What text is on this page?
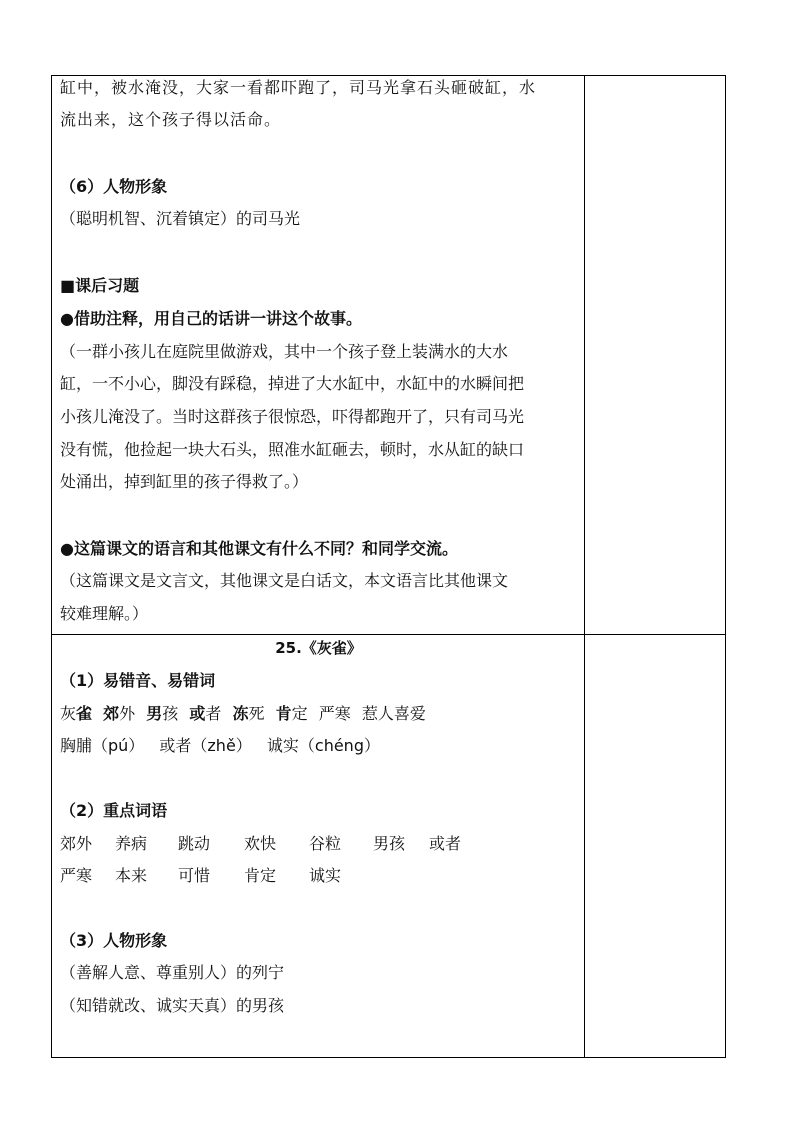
缸中，被水淹没，大家一看都吓跑了，司马光拿石头砸破缸，水
流出来，这个孩子得以活命。
（6）人物形象
（聪明机智、沉着镇定）的司马光
■课后习题
●借助注释，用自己的话讲一讲这个故事。
（一群小孩儿在庭院里做游戏，其中一个孩子登上装满水的大水
缸，一不小心，脚没有踩稳，掉进了大水缸中，水缸中的水瞬间把
小孩儿淹没了。当时这群孩子很惊恐，吓得都跑开了，只有司马光
没有慌，他捡起一块大石头，照准水缸砸去，顿时，水从缸的缺口
处涌出，掉到缸里的孩子得救了。）
●这篇课文的语言和其他课文有什么不同？和同学交流。
（这篇课文是文言文，其他课文是白话文，本文语言比其他课文
较难理解。）
25.《灰雀》
（1）易错音、易错词
灰雀 郊外 男孩 或者 冻死 肯定 严寒 惹人喜爱
胸脯（pú） 或者（zhě） 诚实（chéng）
（2）重点词语
郊外 养病 跳动 欢快 谷粒 男孩 或者
严寒 本来 可惜 肯定 诚实
（3）人物形象
（善解人意、尊重别人）的列宁
（知错就改、诚实天真）的男孩
